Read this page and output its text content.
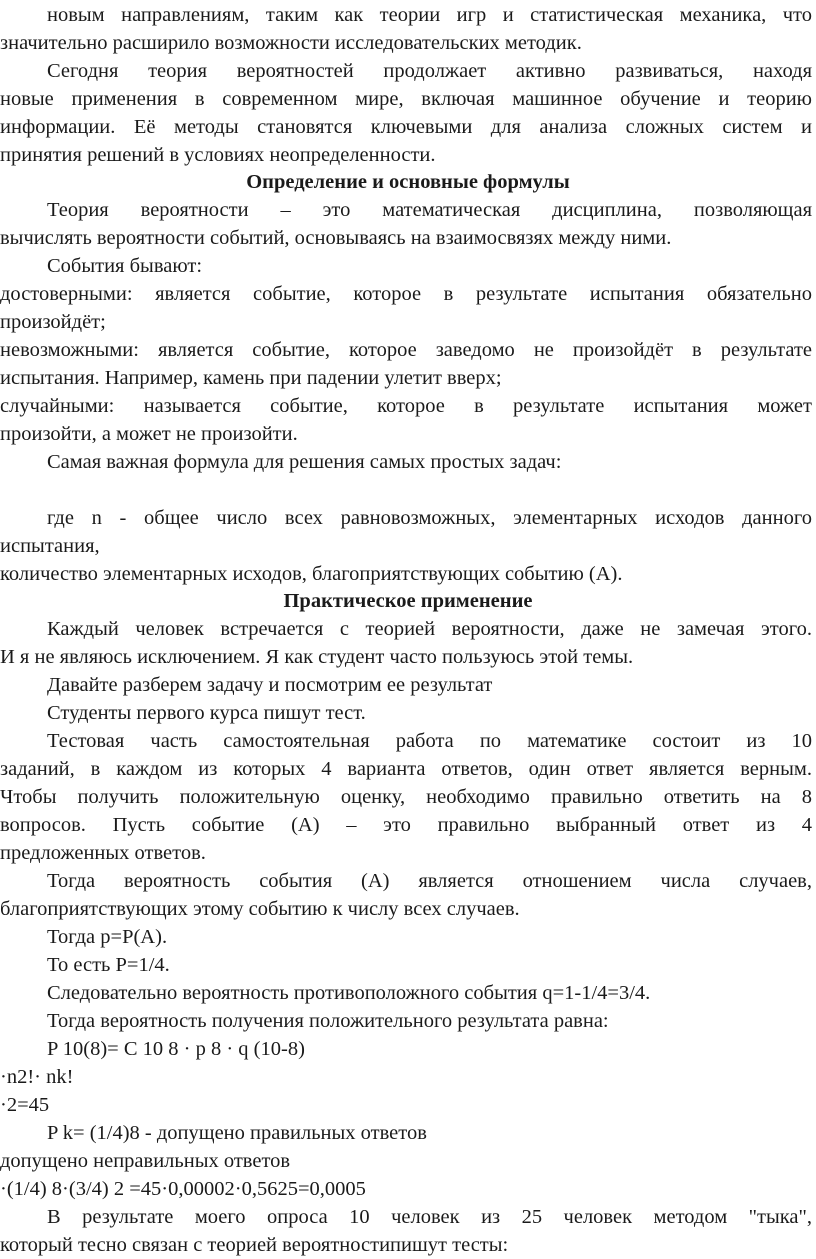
новым направлениям, таким как теории игр и статистическая механика, что
значительно расширило возможности исследовательских методик.
Сегодня теория вероятностей продолжает активно развиваться, находя
новые применения в современном мире, включая машинное обучение и теорию
информации. Её методы становятся ключевыми для анализа сложных систем и
принятия решений в условиях неопределенности.
Определение и основные формулы
Теория вероятности – это математическая дисциплина, позволяющая
вычислять вероятности событий, основываясь на взаимосвязях между ними.
События бывают:
достоверными: является событие, которое в результате испытания обязательно
произойдёт;
невозможными: является событие, которое заведомо не произойдёт в результате
испытания. Например, камень при падении улетит вверх;
случайными: называется событие, которое в результате испытания может
произойти, а может не произойти.
Самая важная формула для решения самых простых задач:
где n - общее число всех равновозможных, элементарных исходов данного
испытания,
количество элементарных исходов, благоприятствующих событию (A).
Практическое применение
Каждый человек встречается с теорией вероятности, даже не замечая этого.
И я не являюсь исключением. Я как студент часто пользуюсь этой темы.
Давайте разберем задачу и посмотрим ее результат
Студенты первого курса пишут тест.
Тестовая часть самостоятельная работа по математике состоит из 10
заданий, в каждом из которых 4 варианта ответов, один ответ является верным.
Чтобы получить положительную оценку, необходимо правильно ответить на 8
вопросов. Пусть событие (A) – это правильно выбранный ответ из 4
предложенных ответов.
Тогда вероятность события (A) является отношением числа случаев,
благоприятствующих этому событию к числу всех случаев.
Тогда p=P(A).
То есть P=1/4.
Следовательно вероятность противоположного события q=1-1/4=3/4.
Тогда вероятность получения положительного результата равна:
P 10(8)= C 10 8 · p 8 · q (10-8)
·n2!· nk!
·2=45
P k= (1/4)8 - допущено правильных ответов
допущено неправильных ответов
·(1/4) 8·(3/4) 2 =45·0,00002·0,5625=0,0005
В результате моего опроса 10 человек из 25 человек методом "тыка",
который тесно связан с теорией вероятностипишут тесты:
